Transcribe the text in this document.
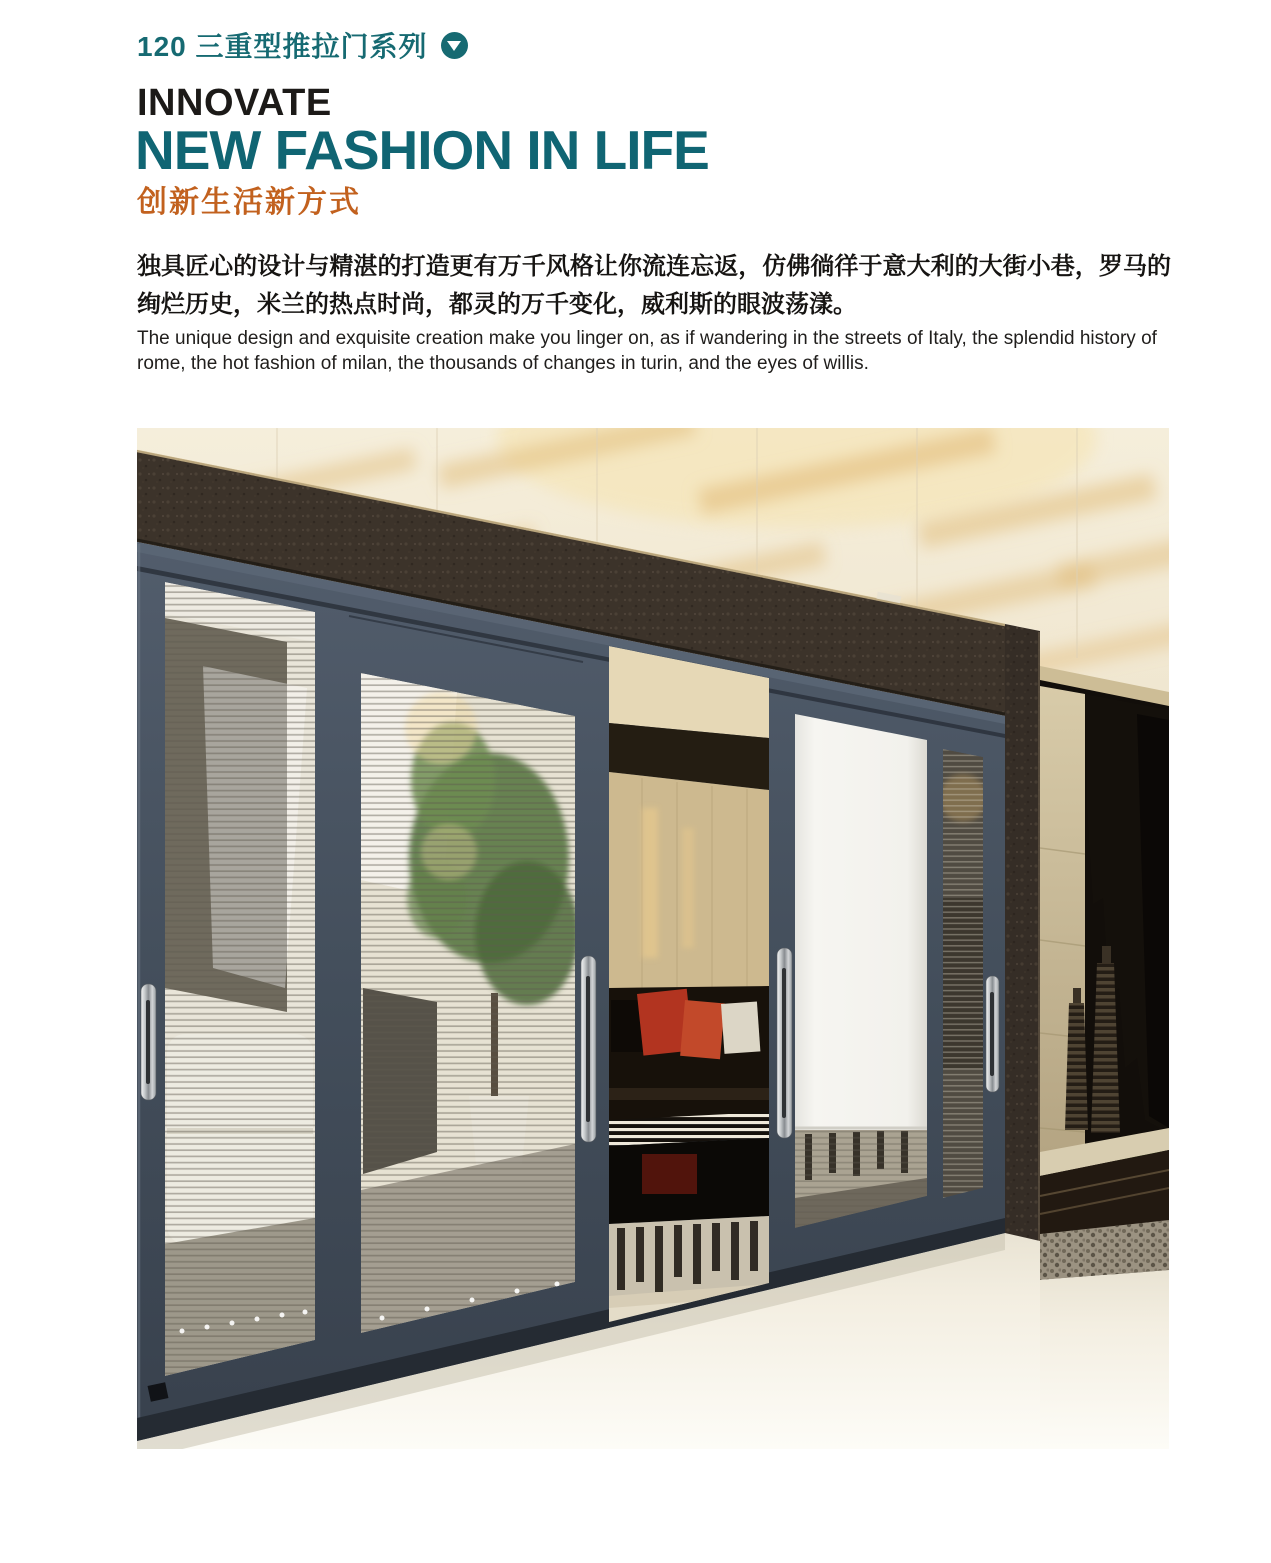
120 三重型推拉门系列
INNOVATE
NEW FASHION IN LIFE
创新生活新方式

独具匠心的设计与精湛的打造更有万千风格让你流连忘返，仿佛徜徉于意大利的大街小巷，罗马的绚烂历史，米兰的热点时尚，都灵的万千变化，威利斯的眼波荡漾。

The unique design and exquisite creation make you linger on, as if wandering in the streets of Italy, the splendid history of rome, the hot fashion of milan, the thousands of changes in turin, and the eyes of willis.
